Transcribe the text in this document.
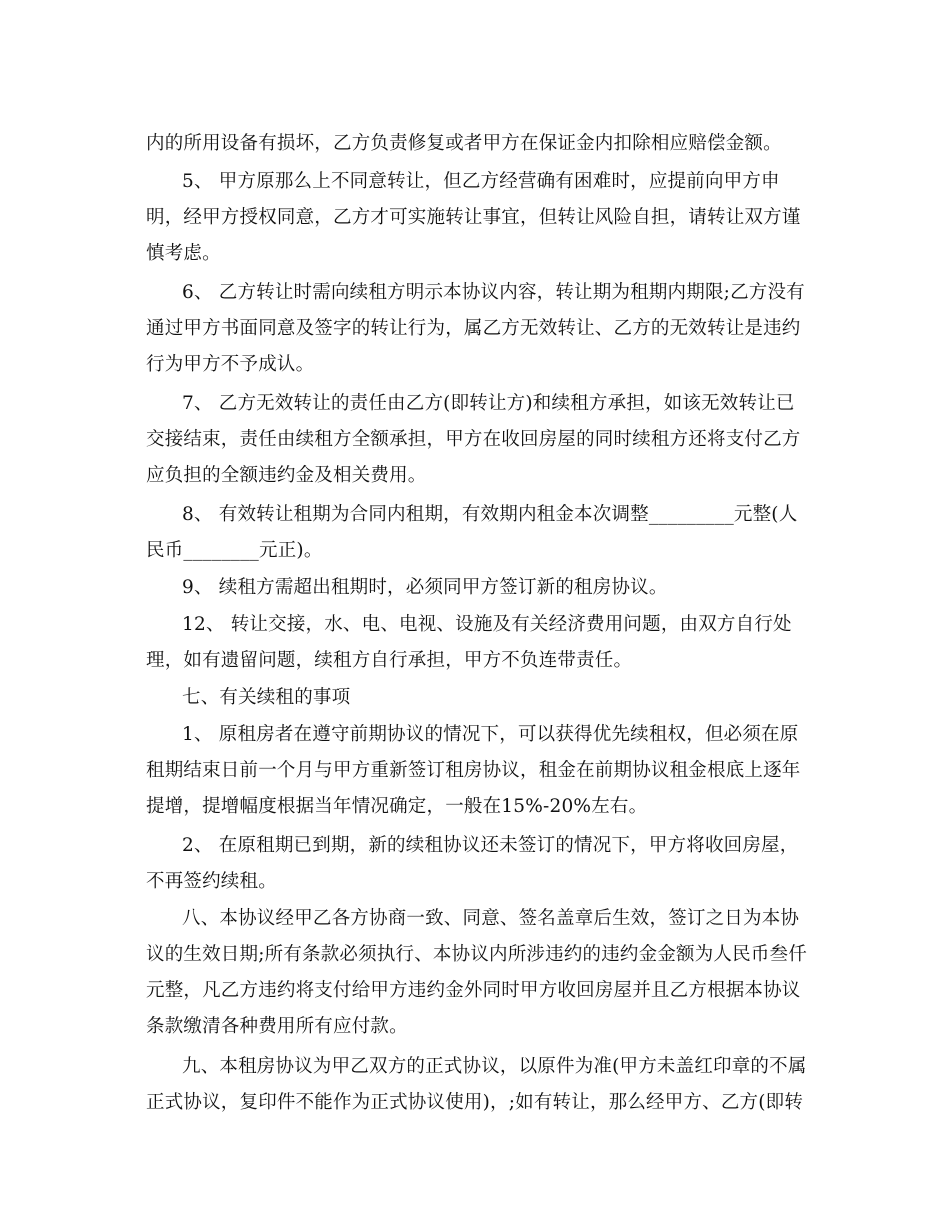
内的所用设备有损坏，乙方负责修复或者甲方在保证金内扣除相应赔偿金额。

5、 甲方原那么上不同意转让，但乙方经营确有困难时，应提前向甲方申
明，经甲方授权同意，乙方才可实施转让事宜，但转让风险自担，请转让双方谨
慎考虑。

6、 乙方转让时需向续租方明示本协议内容，转让期为租期内期限;乙方没有
通过甲方书面同意及签字的转让行为，属乙方无效转让、乙方的无效转让是违约
行为甲方不予成认。

7、 乙方无效转让的责任由乙方(即转让方)和续租方承担，如该无效转让已
交接结束，责任由续租方全额承担，甲方在收回房屋的同时续租方还将支付乙方
应负担的全额违约金及相关费用。

8、 有效转让租期为合同内租期，有效期内租金本次调整_________元整(人
民币________元正)。

9、 续租方需超出租期时，必须同甲方签订新的租房协议。

12、 转让交接，水、电、电视、设施及有关经济费用问题，由双方自行处
理，如有遗留问题，续租方自行承担，甲方不负连带责任。

七、有关续租的事项

1、 原租房者在遵守前期协议的情况下，可以获得优先续租权，但必须在原
租期结束日前一个月与甲方重新签订租房协议，租金在前期协议租金根底上逐年
提增，提增幅度根据当年情况确定，一般在15%-20%左右。

2、 在原租期已到期，新的续租协议还未签订的情况下，甲方将收回房屋，
不再签约续租。

八、本协议经甲乙各方协商一致、同意、签名盖章后生效，签订之日为本协
议的生效日期;所有条款必须执行、本协议内所涉违约的违约金金额为人民币叁仟
元整，凡乙方违约将支付给甲方违约金外同时甲方收回房屋并且乙方根据本协议
条款缴清各种费用所有应付款。

九、本租房协议为甲乙双方的正式协议，以原件为准(甲方未盖红印章的不属
正式协议，复印件不能作为正式协议使用)，;如有转让，那么经甲方、乙方(即转
